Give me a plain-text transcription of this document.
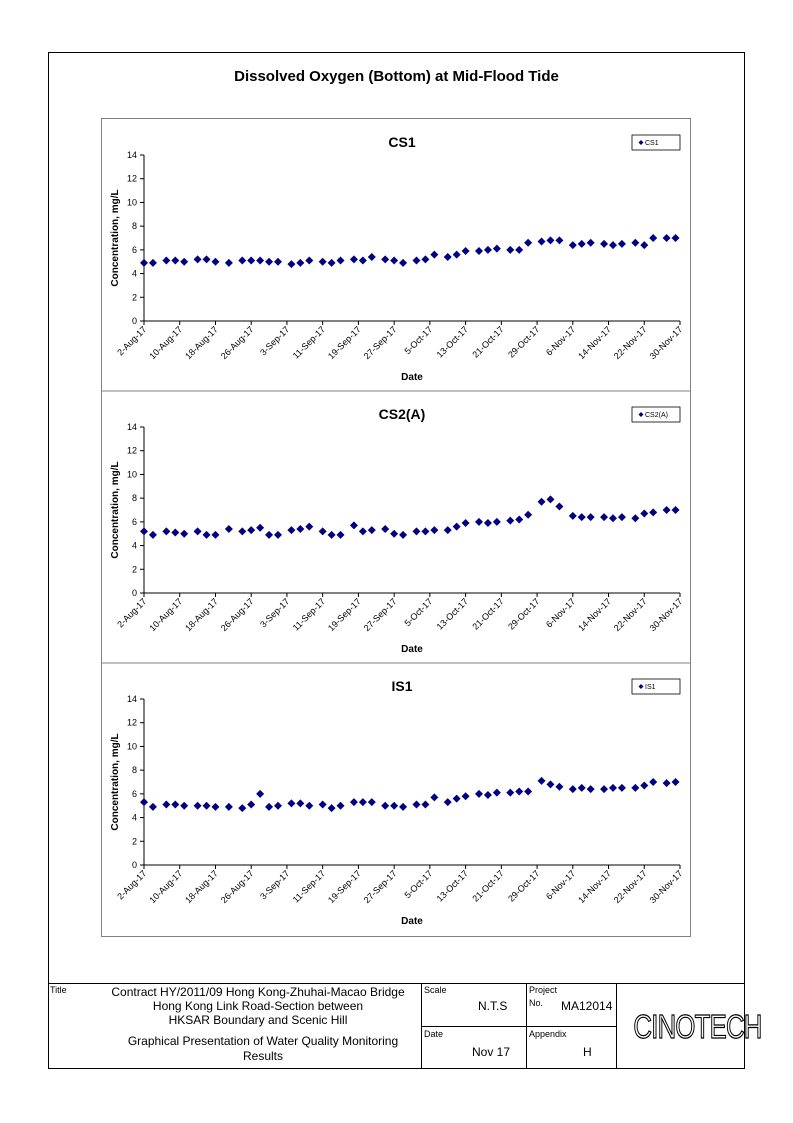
Dissolved Oxygen (Bottom) at Mid-Flood Tide
CS1
0
2
4
6
8
10
12
14
Concentration, mg/L
2-Aug-17
10-Aug-17
18-Aug-17
26-Aug-17 3-Sep-17 11-Sep-17
19-Sep-17
27-Sep-17 5-Oct-17 13-Oct-17 21-Oct-17 29-Oct-17 6-Nov-17
14-Nov-17
22-Nov-17
30-Nov-17
Date
CS1
CS2(A)
0
2
4
6
8
10
12
14
Concentration, mg/L
2-Aug-17
10-Aug-17
18-Aug-17
26-Aug-17 3-Sep-17 11-Sep-17
19-Sep-17
27-Sep-17 5-Oct-17 13-Oct-17 21-Oct-17 29-Oct-17 6-Nov-17
14-Nov-17
22-Nov-17
30-Nov-17
Date
CS2(A)
IS1
0
2
4
6
8
10
12
14
Concentration, mg/L
2-Aug-17
10-Aug-17
18-Aug-17
26-Aug-17 3-Sep-17 11-Sep-17
19-Sep-17
27-Sep-17 5-Oct-17 13-Oct-17 21-Oct-17 29-Oct-17 6-Nov-17
14-Nov-17
22-Nov-17
30-Nov-17
Date
IS1
Title	Contract HY/2011/09 Hong Kong-Zhuhai-Macao Bridge
Hong Kong Link Road-Section between
HKSAR Boundary and Scenic Hill
Graphical Presentation of Water Quality Monitoring
Results
Scale
N.T.S
Date
Nov 17
Project
No. MA12014
Appendix
H
CINOTECH
